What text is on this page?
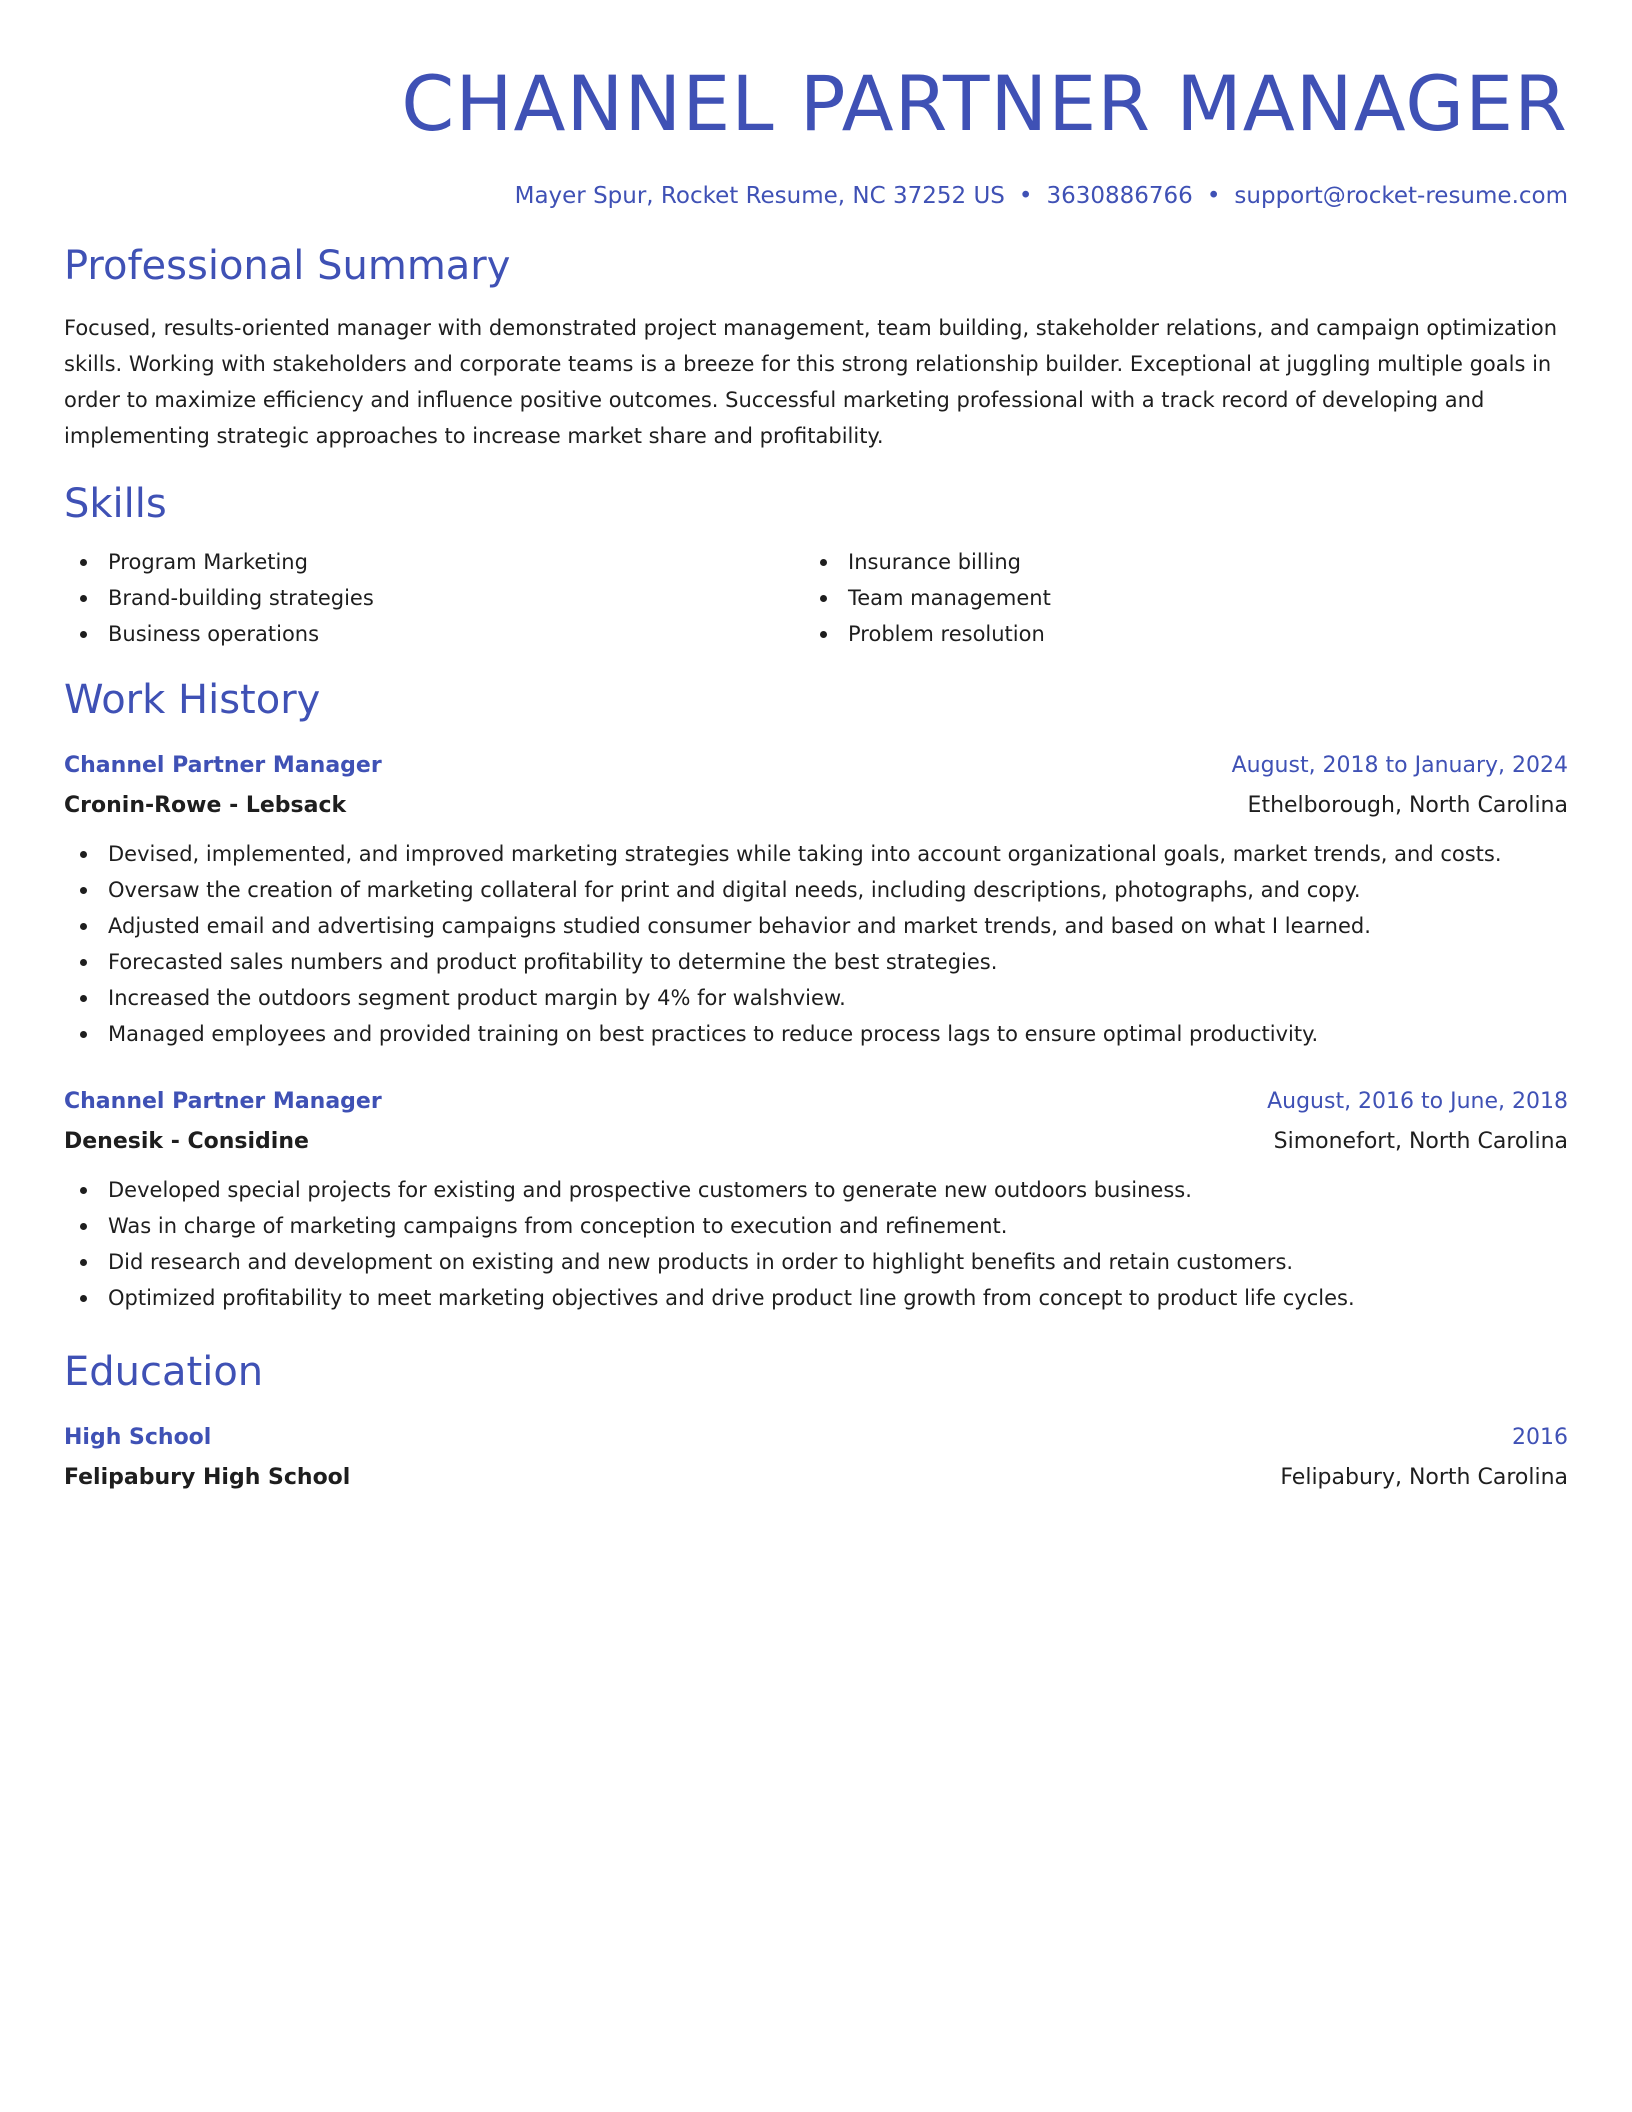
CHANNEL PARTNER MANAGER
Mayer Spur, Rocket Resume, NC 37252 US • 3630886766 • support@rocket-resume.com
Professional Summary
Focused, results-oriented manager with demonstrated project management, team building, stakeholder relations, and campaign optimization skills. Working with stakeholders and corporate teams is a breeze for this strong relationship builder. Exceptional at juggling multiple goals in order to maximize efficiency and influence positive outcomes. Successful marketing professional with a track record of developing and implementing strategic approaches to increase market share and profitability.
Skills
Program Marketing
Brand-building strategies
Business operations
Insurance billing
Team management
Problem resolution
Work History
Channel Partner Manager	August, 2018 to January, 2024
Cronin-Rowe - Lebsack	Ethelborough, North Carolina
Devised, implemented, and improved marketing strategies while taking into account organizational goals, market trends, and costs.
Oversaw the creation of marketing collateral for print and digital needs, including descriptions, photographs, and copy.
Adjusted email and advertising campaigns studied consumer behavior and market trends, and based on what I learned.
Forecasted sales numbers and product profitability to determine the best strategies.
Increased the outdoors segment product margin by 4% for walshview.
Managed employees and provided training on best practices to reduce process lags to ensure optimal productivity.
Channel Partner Manager	August, 2016 to June, 2018
Denesik - Considine	Simonefort, North Carolina
Developed special projects for existing and prospective customers to generate new outdoors business.
Was in charge of marketing campaigns from conception to execution and refinement.
Did research and development on existing and new products in order to highlight benefits and retain customers.
Optimized profitability to meet marketing objectives and drive product line growth from concept to product life cycles.
Education
High School	2016
Felipabury High School	Felipabury, North Carolina
